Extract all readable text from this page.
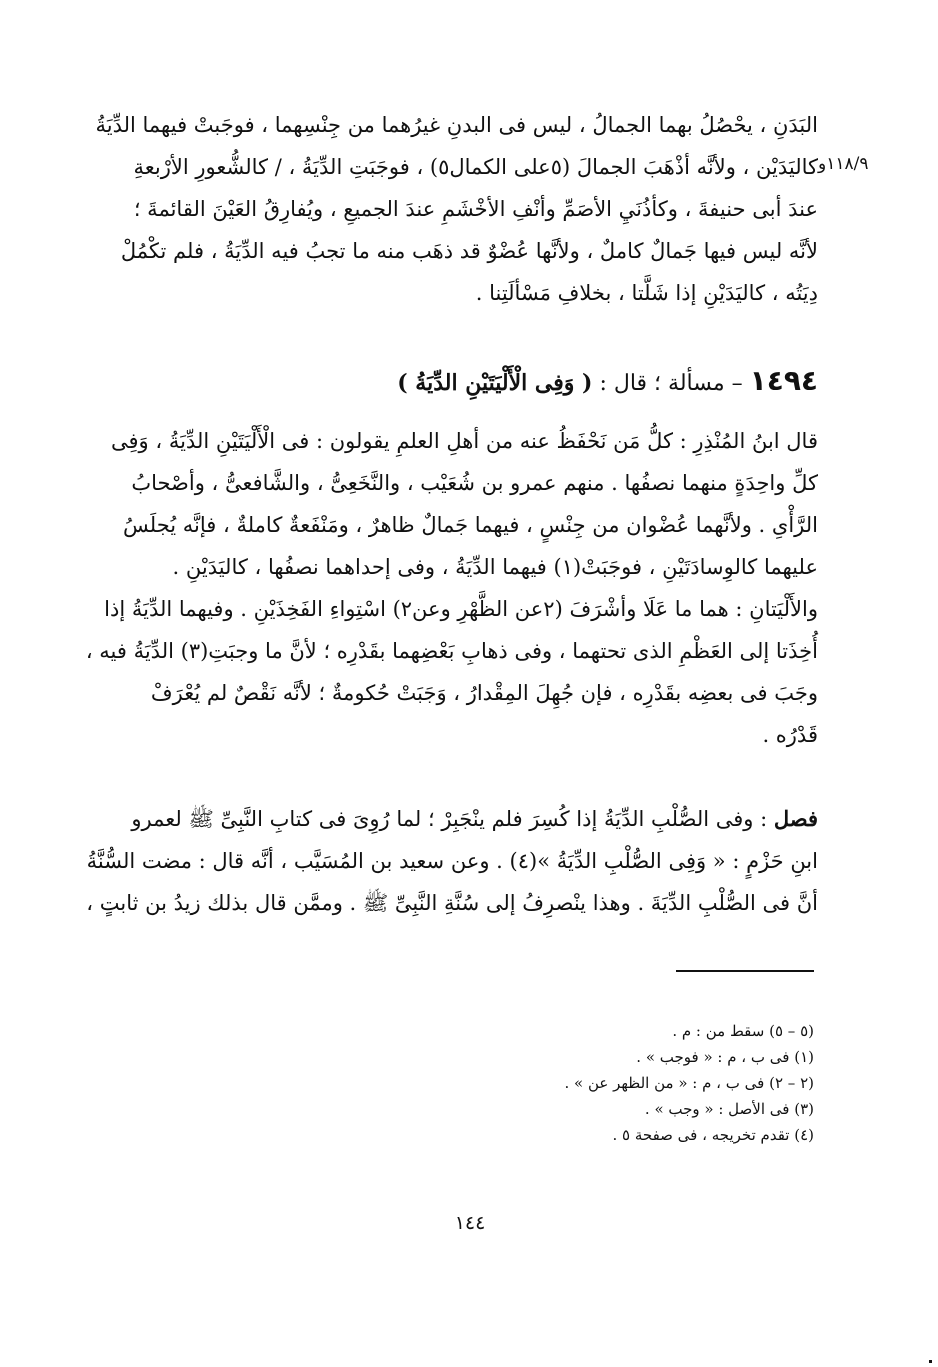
١١٨/٩و
البَدَنِ ، يحْصُلُ بهما الجمالُ ، ليس فى البدنِ غيرُهما من جِنْسِهما ، فوجَبتْ فيهما الدِّيَةُ
كاليَدَيْن ، ولأنَّه أذْهَبَ الجمالَ (٥على الكمال٥) ، فوجَبَتِ الدِّيَةُ ، / كالشُّعورِ الأرْبعةِ
عندَ أبى حنيفةَ ، وكأذُنَيِ الأصَمِّ وأنْفِ الأخْشَمِ عندَ الجميعِ ، ويُفارِقُ العَيْنَ القائمةَ ؛
لأنَّه ليس فيها جَمالٌ كاملٌ ، ولأنَّها عُضْوٌ قد ذهَب منه ما تجبُ فيه الدِّيَةُ ، فلم تكْمُلْ
دِيَتُه ، كاليَدَيْنِ إذا شَلَّتا ، بخلافِ مَسْألَتِنا .
١٤٩٤ – مسألة ؛ قال : ( وَفِى الْأَلْيَتَيْنِ الدِّيَةُ )
قال ابنُ المُنْذِرِ : كلُّ مَن نَحْفَظُ عنه من أهلِ العلمِ يقولون : فى الْأَلْيَتَيْنِ الدِّيَةُ ، وَفِى
كلِّ واحِدَةٍ منهما نصفُها . منهم عمرو بن شُعَيْب ، والنَّخَعِىُّ ، والشَّافعىُّ ، وأصْحابُ
الرَّأْىِ . ولأنَّهما عُضْوان من جِنْسٍ ، فيهما جَمالٌ ظاهرٌ ، ومَنْفَعةٌ كاملةٌ ، فإنَّه يُجلَسُ
عليهما كالوِسادَتَيْنِ ، فوجَبَتْ(١) فيهما الدِّيَةُ ، وفى إحداهما نصفُها ، كاليَدَيْنِ .
والأَلْيَتانِ : هما ما عَلَا وأشْرَفَ (٢عن الظَّهْرِ وعن٢) اسْتِواءِ الفَخِذَيْنِ . وفيهما الدِّيَةُ إذا
أُخِذَتا إلى العَظْمِ الذى تحتهما ، وفى ذهابِ بَعْضِهما بقَدْرِه ؛ لأنَّ ما وجبَتِ(٣) الدِّيَةُ فيه ،
وجَبَ فى بعضِه بقَدْرِه ، فإن جُهِلَ المِقْدارُ ، وَجَبَتْ حُكومةٌ ؛ لأنَّه نَقْصٌ لم يُعْرَفْ
قَدْرُه .
فصل : وفى الصُّلْبِ الدِّيَةُ إذا كُسِرَ فلم ينْجَبِرْ ؛ لما رُوِىَ فى كتابِ النَّبِىِّ ﷺ لعمرو
ابنِ حَزْمٍ : « وَفِى الصُّلْبِ الدِّيَةُ »(٤) . وعن سعيد بن المُسَيَّب ، أنَّه قال : مضت السُّنَّةُ
أنَّ فى الصُّلْبِ الدِّيَةَ . وهذا ينْصرِفُ إلى سُنَّةِ النَّبِىِّ ﷺ . وممَّن قال بذلك زيدُ بن ثابتٍ ،
(٥ – ٥) سقط من : م .
(١) فى ب ، م : « فوجب » .
(٢ – ٢) فى ب ، م : « من الظهر عن » .
(٣) فى الأصل : « وجب » .
(٤) تقدم تخريجه ، فى صفحة ٥ .
١٤٤
